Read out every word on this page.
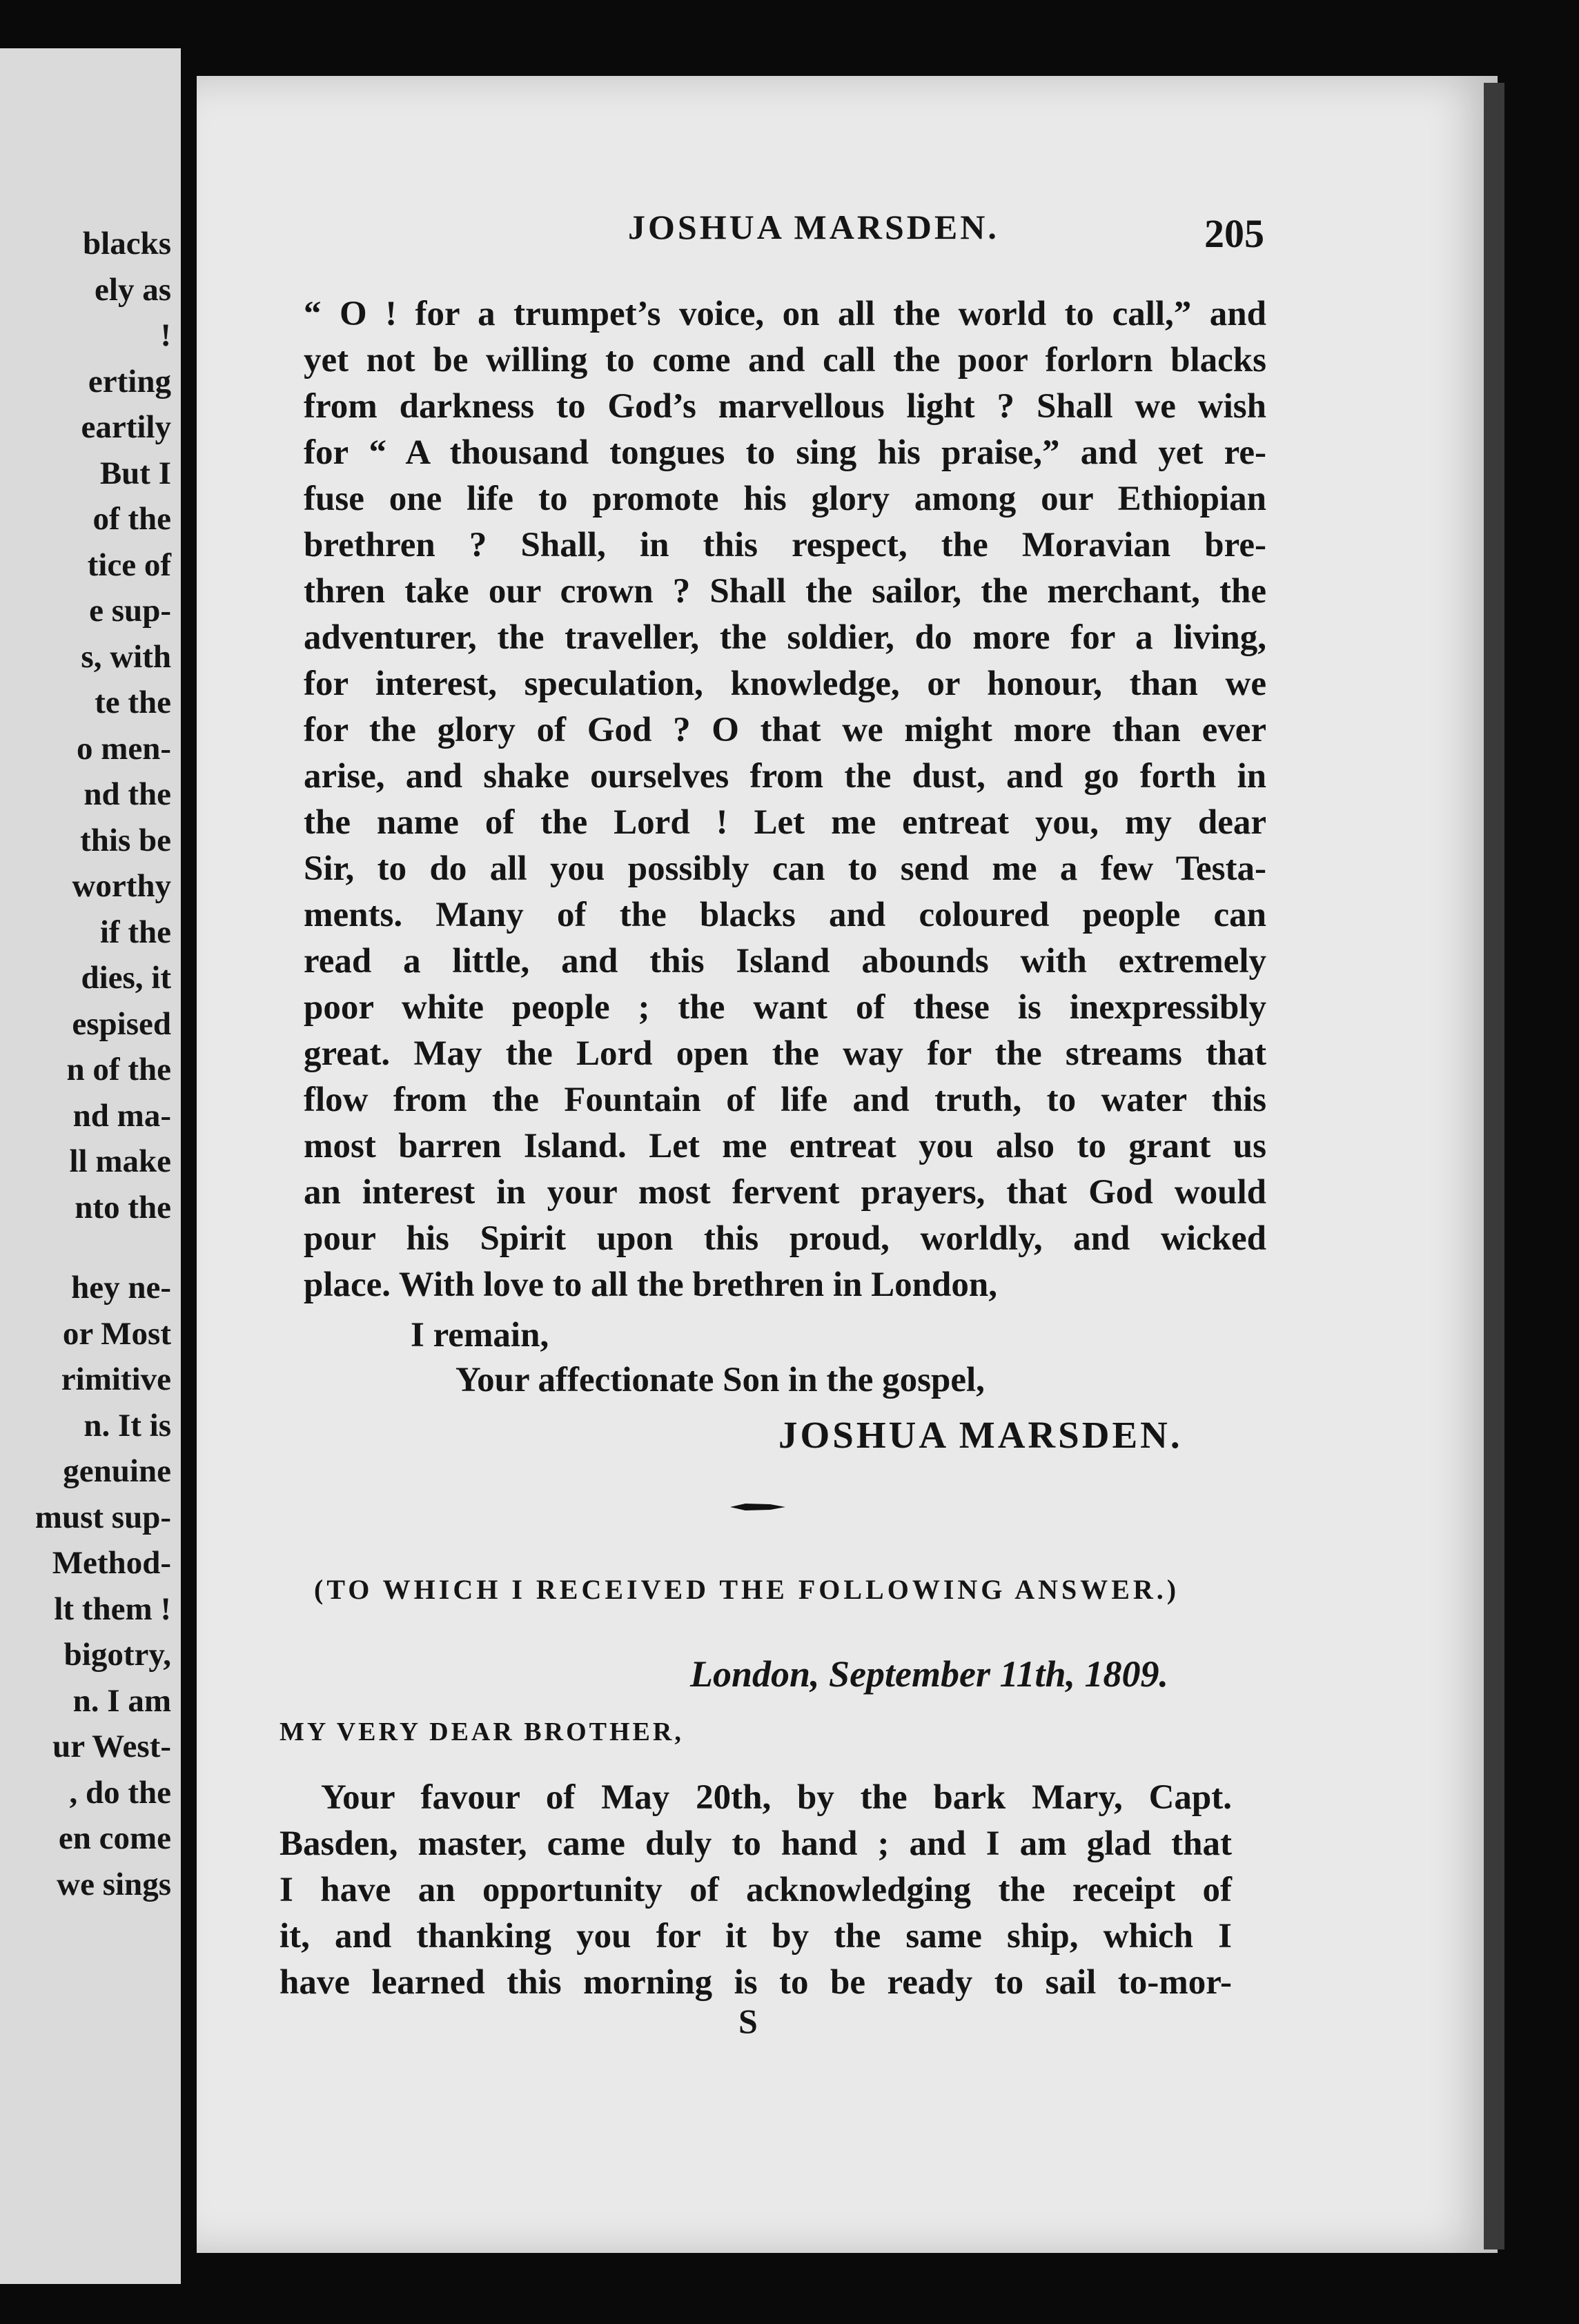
blacks
ely as
!
erting
eartily
But I
of the
tice of
e sup-
s, with
te the
o men-
nd the
this be
worthy
if the
dies, it
espised
n of the
nd ma-
ll make
nto the
hey ne-
or Most
rimitive
n. It is
genuine
must sup-
Method-
lt them !
bigotry,
n. I am
ur West-
, do the
en come
we sings
JOSHUA MARSDEN.	205
“ O ! for a trumpet’s voice, on all the world to call,” and
yet not be willing to come and call the poor forlorn blacks
from darkness to God’s marvellous light ? Shall we wish
for “ A thousand tongues to sing his praise,” and yet re-
fuse one life to promote his glory among our Ethiopian
brethren ? Shall, in this respect, the Moravian bre-
thren take our crown ? Shall the sailor, the merchant, the
adventurer, the traveller, the soldier, do more for a living,
for interest, speculation, knowledge, or honour, than we
for the glory of God ? O that we might more than ever
arise, and shake ourselves from the dust, and go forth in
the name of the Lord ! Let me entreat you, my dear
Sir, to do all you possibly can to send me a few Testa-
ments. Many of the blacks and coloured people can
read a little, and this Island abounds with extremely
poor white people ; the want of these is inexpressibly
great. May the Lord open the way for the streams that
flow from the Fountain of life and truth, to water this
most barren Island. Let me entreat you also to grant us
an interest in your most fervent prayers, that God would
pour his Spirit upon this proud, worldly, and wicked
place. With love to all the brethren in London,
I remain,
Your affectionate Son in the gospel,
JOSHUA MARSDEN.
(TO WHICH I RECEIVED THE FOLLOWING ANSWER.)
London, September 11th, 1809.
MY VERY DEAR BROTHER,
Your favour of May 20th, by the bark Mary, Capt.
Basden, master, came duly to hand ; and I am glad that
I have an opportunity of acknowledging the receipt of
it, and thanking you for it by the same ship, which I
have learned this morning is to be ready to sail to-mor-
S
